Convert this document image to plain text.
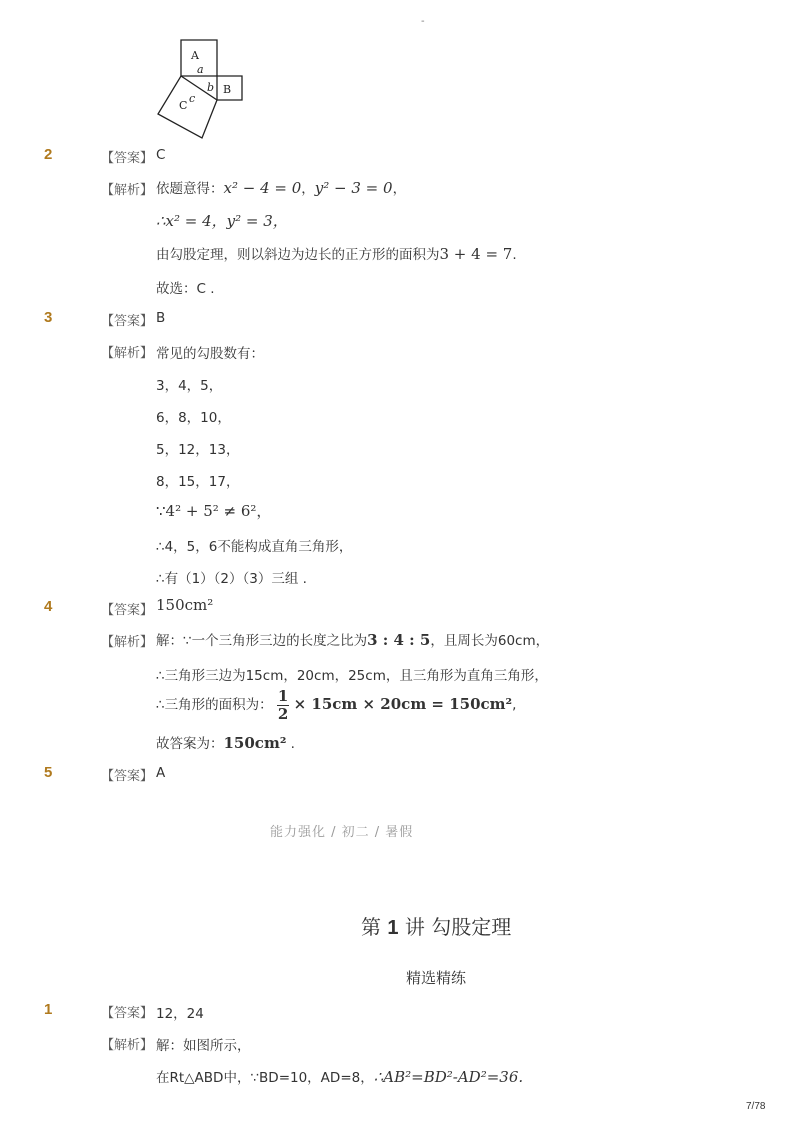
-
A
a
b B
C
c
2	【答案】 C
【解析】 依题意得：x² − 4 = 0，y² − 3 = 0，
∴x² = 4，y² = 3，
由勾股定理，则以斜边为边长的正方形的面积为3 + 4 = 7.
故选：C .
3	【答案】 B
【解析】 常见的勾股数有：
3，4，5，
6，8，10，
5，12，13，
8，15，17，
∵4² + 5² ≠ 6²，
∴4，5，6不能构成直角三角形，
∴有（1）（2）（3）三组 .
4	【答案】 150cm²
【解析】 解：∵一个三角形三边的长度之比为3 : 4 : 5，且周长为60cm，
∴三角形三边为15cm，20cm，25cm，且三角形为直角三角形，
∴三角形的面积为： $\frac{1}{2} \times 15cm \times 20cm = 150cm^2$,
故答案为：150cm² .
5	【答案】 A
能力强化 / 初二 / 暑假
第 1 讲 勾股定理
精选精练
1	【答案】 12，24
【解析】 解：如图所示，
在Rt△ABD中，∵BD=10，AD=8，∴AB²=BD²-AD²=36.
7/78
